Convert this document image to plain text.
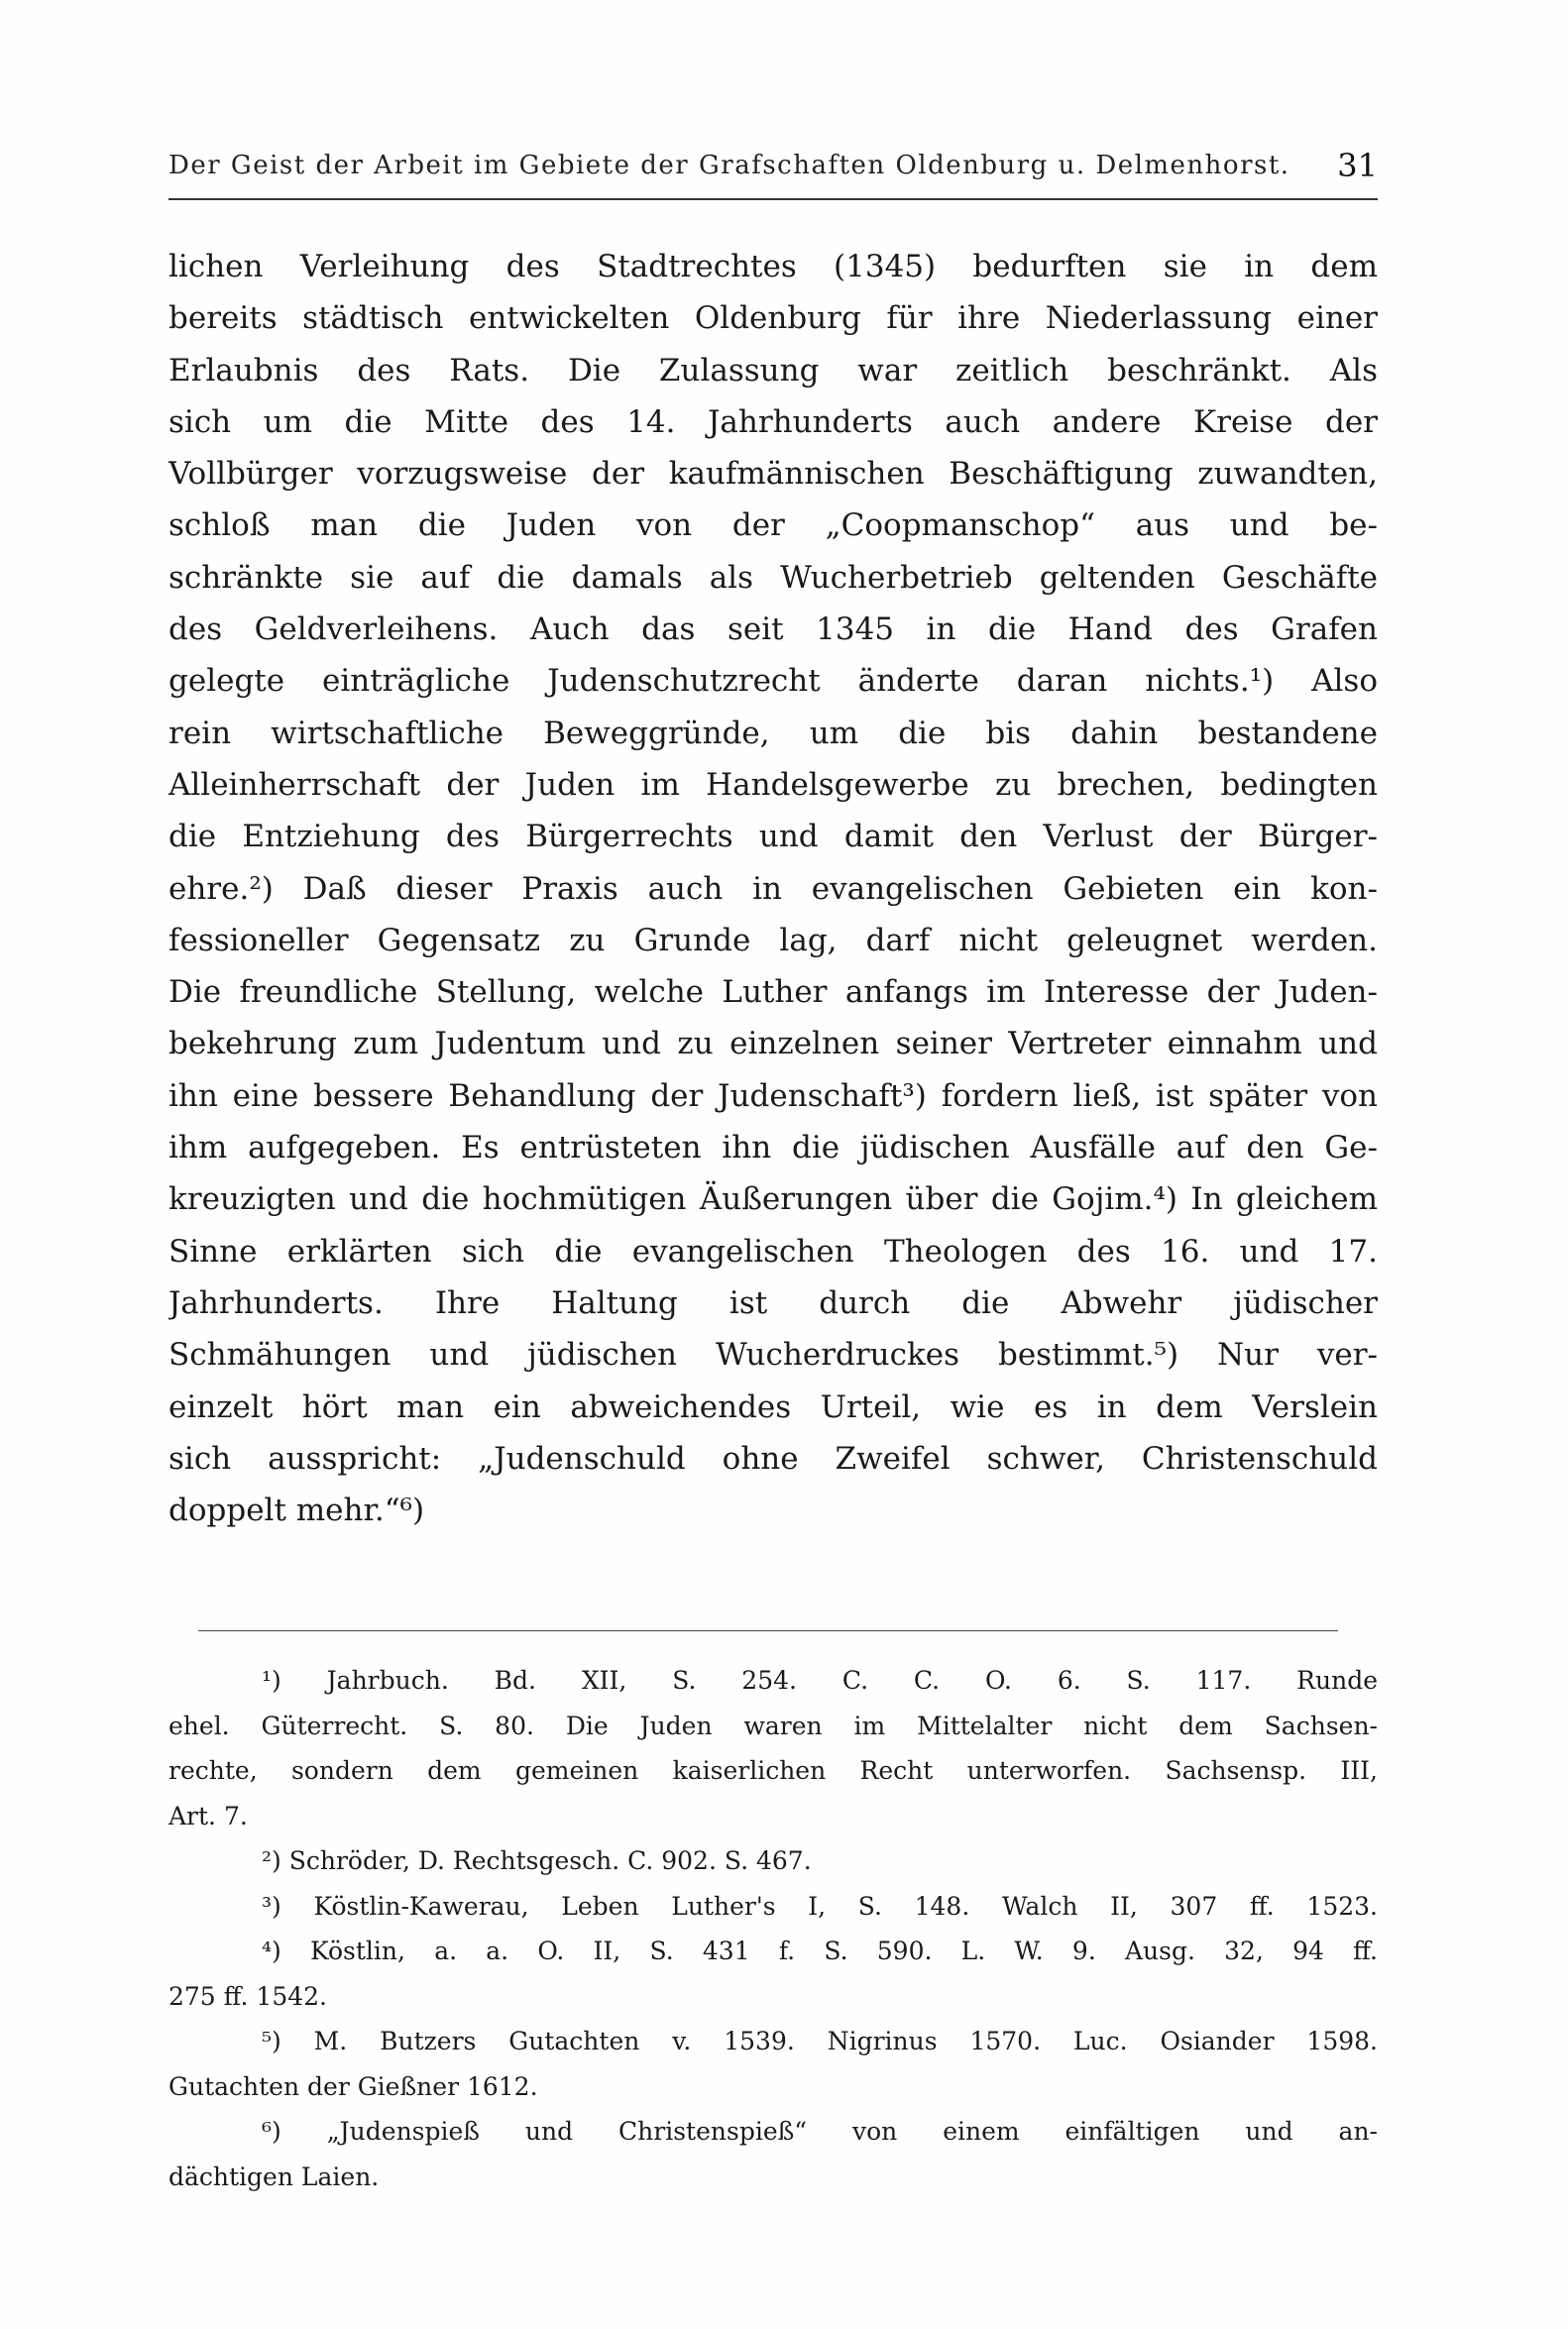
Der Geist der Arbeit im Gebiete der Grafschaften Oldenburg u. Delmenhorst. 31
lichen Verleihung des Stadtrechtes (1345) bedurften sie in dem
bereits städtisch entwickelten Oldenburg für ihre Niederlassung einer
Erlaubnis des Rats. Die Zulassung war zeitlich beschränkt. Als
sich um die Mitte des 14. Jahrhunderts auch andere Kreise der
Vollbürger vorzugsweise der kaufmännischen Beschäftigung zuwandten,
schloß man die Juden von der „Coopmanschop“ aus und be-
schränkte sie auf die damals als Wucherbetrieb geltenden Geschäfte
des Geldverleihens. Auch das seit 1345 in die Hand des Grafen
gelegte einträgliche Judenschutzrecht änderte daran nichts.¹) Also
rein wirtschaftliche Beweggründe, um die bis dahin bestandene
Alleinherrschaft der Juden im Handelsgewerbe zu brechen, bedingten
die Entziehung des Bürgerrechts und damit den Verlust der Bürger-
ehre.²) Daß dieser Praxis auch in evangelischen Gebieten ein kon-
fessioneller Gegensatz zu Grunde lag, darf nicht geleugnet werden.
Die freundliche Stellung, welche Luther anfangs im Interesse der Juden-
bekehrung zum Judentum und zu einzelnen seiner Vertreter einnahm und
ihn eine bessere Behandlung der Judenschaft³) fordern ließ, ist später von
ihm aufgegeben. Es entrüsteten ihn die jüdischen Ausfälle auf den Ge-
kreuzigten und die hochmütigen Äußerungen über die Gojim.⁴) In gleichem
Sinne erklärten sich die evangelischen Theologen des 16. und 17.
Jahrhunderts. Ihre Haltung ist durch die Abwehr jüdischer
Schmähungen und jüdischen Wucherdruckes bestimmt.⁵) Nur ver-
einzelt hört man ein abweichendes Urteil, wie es in dem Verslein
sich ausspricht: „Judenschuld ohne Zweifel schwer, Christenschuld
doppelt mehr.“⁶)
¹) Jahrbuch. Bd. XII, S. 254. C. C. O. 6. S. 117. Runde
ehel. Güterrecht. S. 80. Die Juden waren im Mittelalter nicht dem Sachsen-
rechte, sondern dem gemeinen kaiserlichen Recht unterworfen. Sachsensp. III,
Art. 7.
²) Schröder, D. Rechtsgesch. C. 902. S. 467.
³) Köstlin-Kawerau, Leben Luther's I, S. 148. Walch II, 307 ff. 1523.
⁴) Köstlin, a. a. O. II, S. 431 f. S. 590. L. W. 9. Ausg. 32, 94 ff.
275 ff. 1542.
⁵) M. Butzers Gutachten v. 1539. Nigrinus 1570. Luc. Osiander 1598.
Gutachten der Gießner 1612.
⁶) „Judenspieß und Christenspieß“ von einem einfältigen und an-
dächtigen Laien.
